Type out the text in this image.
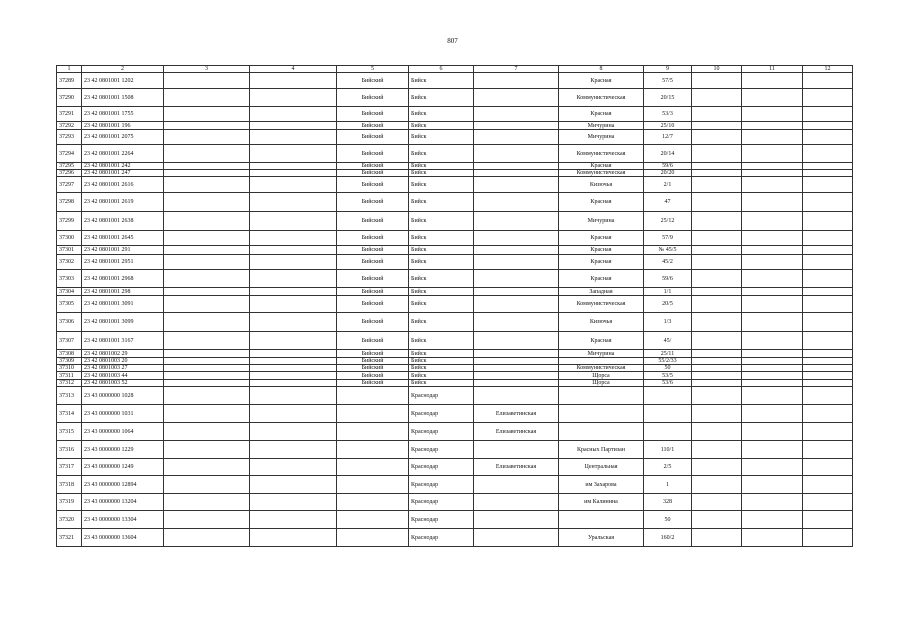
807
1	2	3	4	5	6	7	8	9	10	11	12
37289	23 42 0801001 1202			Бийский	Бийск		Красная	57/5			
37290	23 42 0801001 1508			Бийский	Бийск		Коммунистическая	20/15			
37291	23 42 0801001 1755			Бийский	Бийск		Красная	53/3			
37292	23 42 0801001 196			Бийский	Бийск		Мичурина	25/10			
37293	23 42 0801001 2075			Бийский	Бийск		Мичурина	12/7			
37294	23 42 0801001 2264			Бийский	Бийск		Коммунистическая	20/14			
37295	23 42 0801001 242			Бийский	Бийск		Красная	59/6			
37296	23 42 0801001 247			Бийский	Бийск		Коммунистическая	20/20			
37297	23 42 0801001 2616			Бийский	Бийск		Кизючья	2/1			
37298	23 42 0801001 2619			Бийский	Бийск		Красная	47			
37299	23 42 0801001 2638			Бийский	Бийск		Мичурина	25/12			
37300	23 42 0801001 2645			Бийский	Бийск		Красная	57/9			
37301	23 42 0801001 291			Бийский	Бийск		Красная	№ 45/5			
37302	23 42 0801001 2951			Бийский	Бийск		Красная	45/2			
37303	23 42 0801001 2968			Бийский	Бийск		Красная	59/6			
37304	23 42 0801001 298			Бийский	Бийск		Западная	1/1			
37305	23 42 0801001 3091			Бийский	Бийск		Коммунистическая	20/5			
37306	23 42 0801001 3099			Бийский	Бийск		Кизючья	1/3			
37307	23 42 0801001 3167			Бийский	Бийск		Красная	45/			
37308	23 42 0801002 29			Бийский	Бийск		Мичурина	25/11			
37309	23 42 0801003 20			Бийский	Бийск			55/2/33			
37310	23 42 0801003 27			Бийский	Бийск		Коммунистическая	50			
37311	23 42 0801003 44			Бийский	Бийск		Щорса	53/5			
37312	23 42 0801003 52			Бийский	Бийск		Щорса	53/6			
37313	23 43 0000000 1028				Краснодар						
37314	23 43 0000000 1031				Краснодар	Елизаветинская					
37315	23 43 0000000 1064				Краснодар	Елизаветинская					
37316	23 43 0000000 1229				Краснодар		Красных Партизан	110/1			
37317	23 43 0000000 1249				Краснодар	Елизаветинская	Центральная	2/5			
37318	23 43 0000000 12894				Краснодар		им Захарова	1			
37319	23 43 0000000 13204				Краснодар		им Калинина	328			
37320	23 43 0000000 13304				Краснодар			50			
37321	23 43 0000000 13604				Краснодар		Уральская	160/2			
